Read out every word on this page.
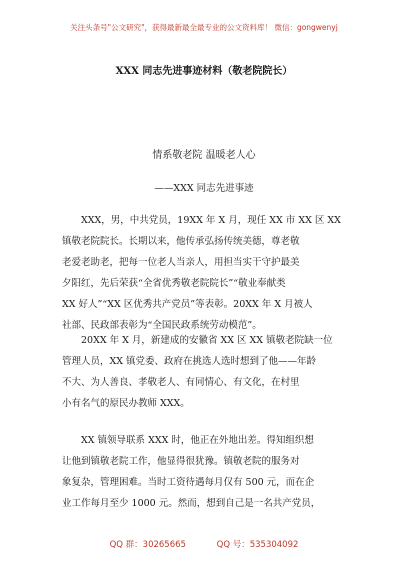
关注头条号"公文研究"，获得最新最全最专业的公文资料库！ 微信：gongwenyj
XXX 同志先进事迹材料（敬老院院长）
情系敬老院 温暖老人心
——XXX 同志先进事迹
　　XXX，男，中共党员，19XX 年 X 月，现任 XX 市 XX 区 XX
镇敬老院院长。长期以来，他传承弘扬传统美德，尊老敬
老爱老助老，把每一位老人当亲人，用担当实干守护最美
夕阳红，先后荣获“全省优秀敬老院院长”“敬业奉献类
XX 好人”“XX 区优秀共产党员”等表彰。20XX 年 X 月被人
社部、民政部表彰为“全国民政系统劳动模范”。
　　20XX 年 X 月，新建成的安徽省 XX 区 XX 镇敬老院缺一位
管理人员，XX 镇党委、政府在挑选人选时想到了他——年龄
不大、为人善良、孝敬老人、有同情心、有文化，在村里
小有名气的原民办教师 XXX。
　　XX 镇领导联系 XXX 时，他正在外地出差。得知组织想
让他到镇敬老院工作，他显得很犹豫。镇敬老院的服务对
象复杂，管理困难。当时工资待遇每月仅有 500 元，而在企
业工作每月至少 1000 元。然而，想到自己是一名共产党员，
QQ 群：30265665	QQ 号：535304092
